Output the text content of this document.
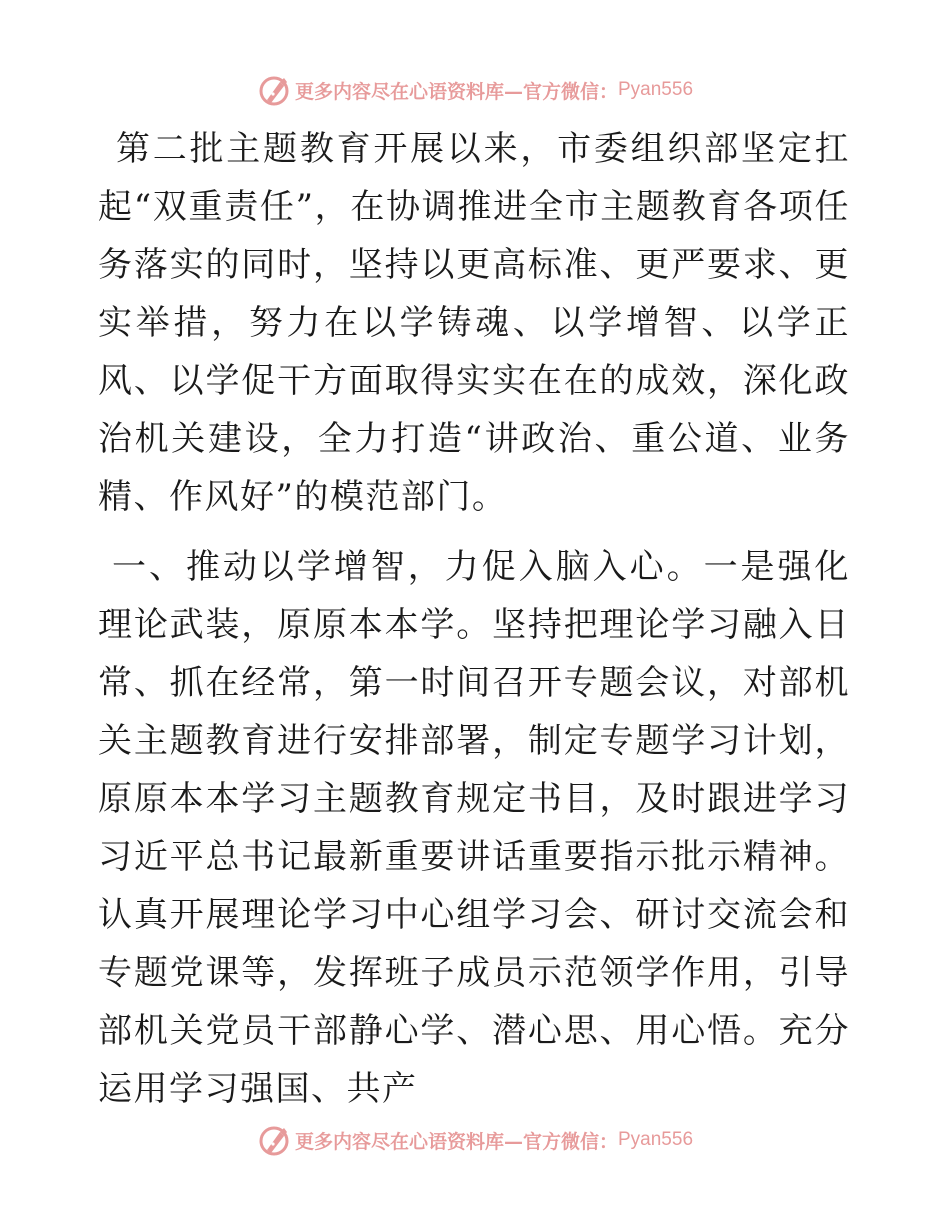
更多内容尽在心语资料库—官方微信： Pyan556

第二批主题教育开展以来，市委组织部坚定扛起“双重责任”，在协调推进全市主题教育各项任务落实的同时，坚持以更高标准、更严要求、更实举措，努力在以学铸魂、以学增智、以学正风、以学促干方面取得实实在在的成效，深化政治机关建设，全力打造“讲政治、重公道、业务精、作风好”的模范部门。

一、推动以学增智，力促入脑入心。一是强化理论武装，原原本本学。坚持把理论学习融入日常、抓在经常，第一时间召开专题会议，对部机关主题教育进行安排部署，制定专题学习计划，原原本本学习主题教育规定书目，及时跟进学习习近平总书记最新重要讲话重要指示批示精神。认真开展理论学习中心组学习会、研讨交流会和专题党课等，发挥班子成员示范领学作用，引导部机关党员干部静心学、潜心思、用心悟。充分运用学习强国、共产

更多内容尽在心语资料库—官方微信： Pyan556
